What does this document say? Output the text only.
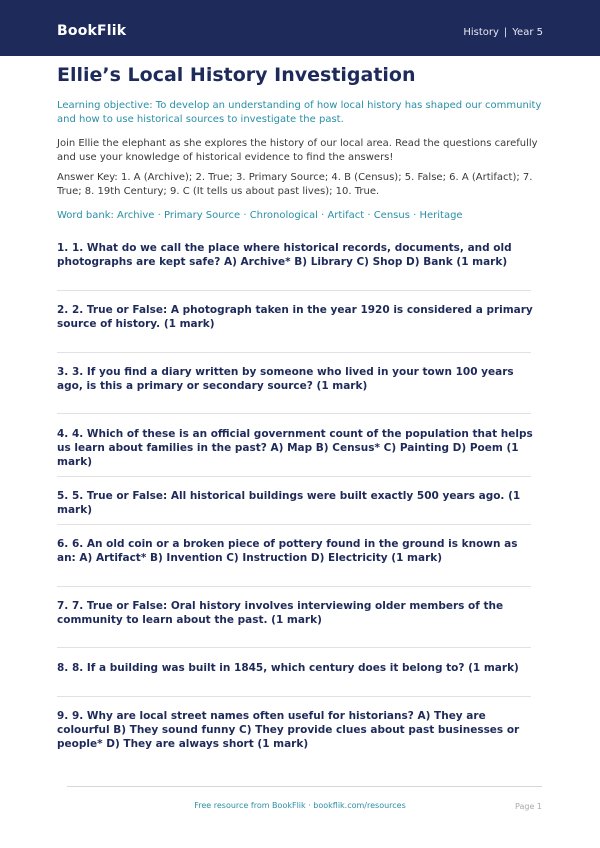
BookFlik	History | Year 5
Ellie’s Local History Investigation
Learning objective: To develop an understanding of how local history has shaped our community and how to use historical sources to investigate the past.
Join Ellie the elephant as she explores the history of our local area. Read the questions carefully and use your knowledge of historical evidence to find the answers!
Answer Key: 1. A (Archive); 2. True; 3. Primary Source; 4. B (Census); 5. False; 6. A (Artifact); 7. True; 8. 19th Century; 9. C (It tells us about past lives); 10. True.
Word bank: Archive · Primary Source · Chronological · Artifact · Census · Heritage
1. 1. What do we call the place where historical records, documents, and old photographs are kept safe? A) Archive* B) Library C) Shop D) Bank (1 mark)
2. 2. True or False: A photograph taken in the year 1920 is considered a primary source of history. (1 mark)
3. 3. If you find a diary written by someone who lived in your town 100 years ago, is this a primary or secondary source? (1 mark)
4. 4. Which of these is an official government count of the population that helps us learn about families in the past? A) Map B) Census* C) Painting D) Poem (1 mark)
5. 5. True or False: All historical buildings were built exactly 500 years ago. (1 mark)
6. 6. An old coin or a broken piece of pottery found in the ground is known as an: A) Artifact* B) Invention C) Instruction D) Electricity (1 mark)
7. 7. True or False: Oral history involves interviewing older members of the community to learn about the past. (1 mark)
8. 8. If a building was built in 1845, which century does it belong to? (1 mark)
9. 9. Why are local street names often useful for historians? A) They are colourful B) They sound funny C) They provide clues about past businesses or people* D) They are always short (1 mark)
Free resource from BookFlik · bookflik.com/resources	Page 1
